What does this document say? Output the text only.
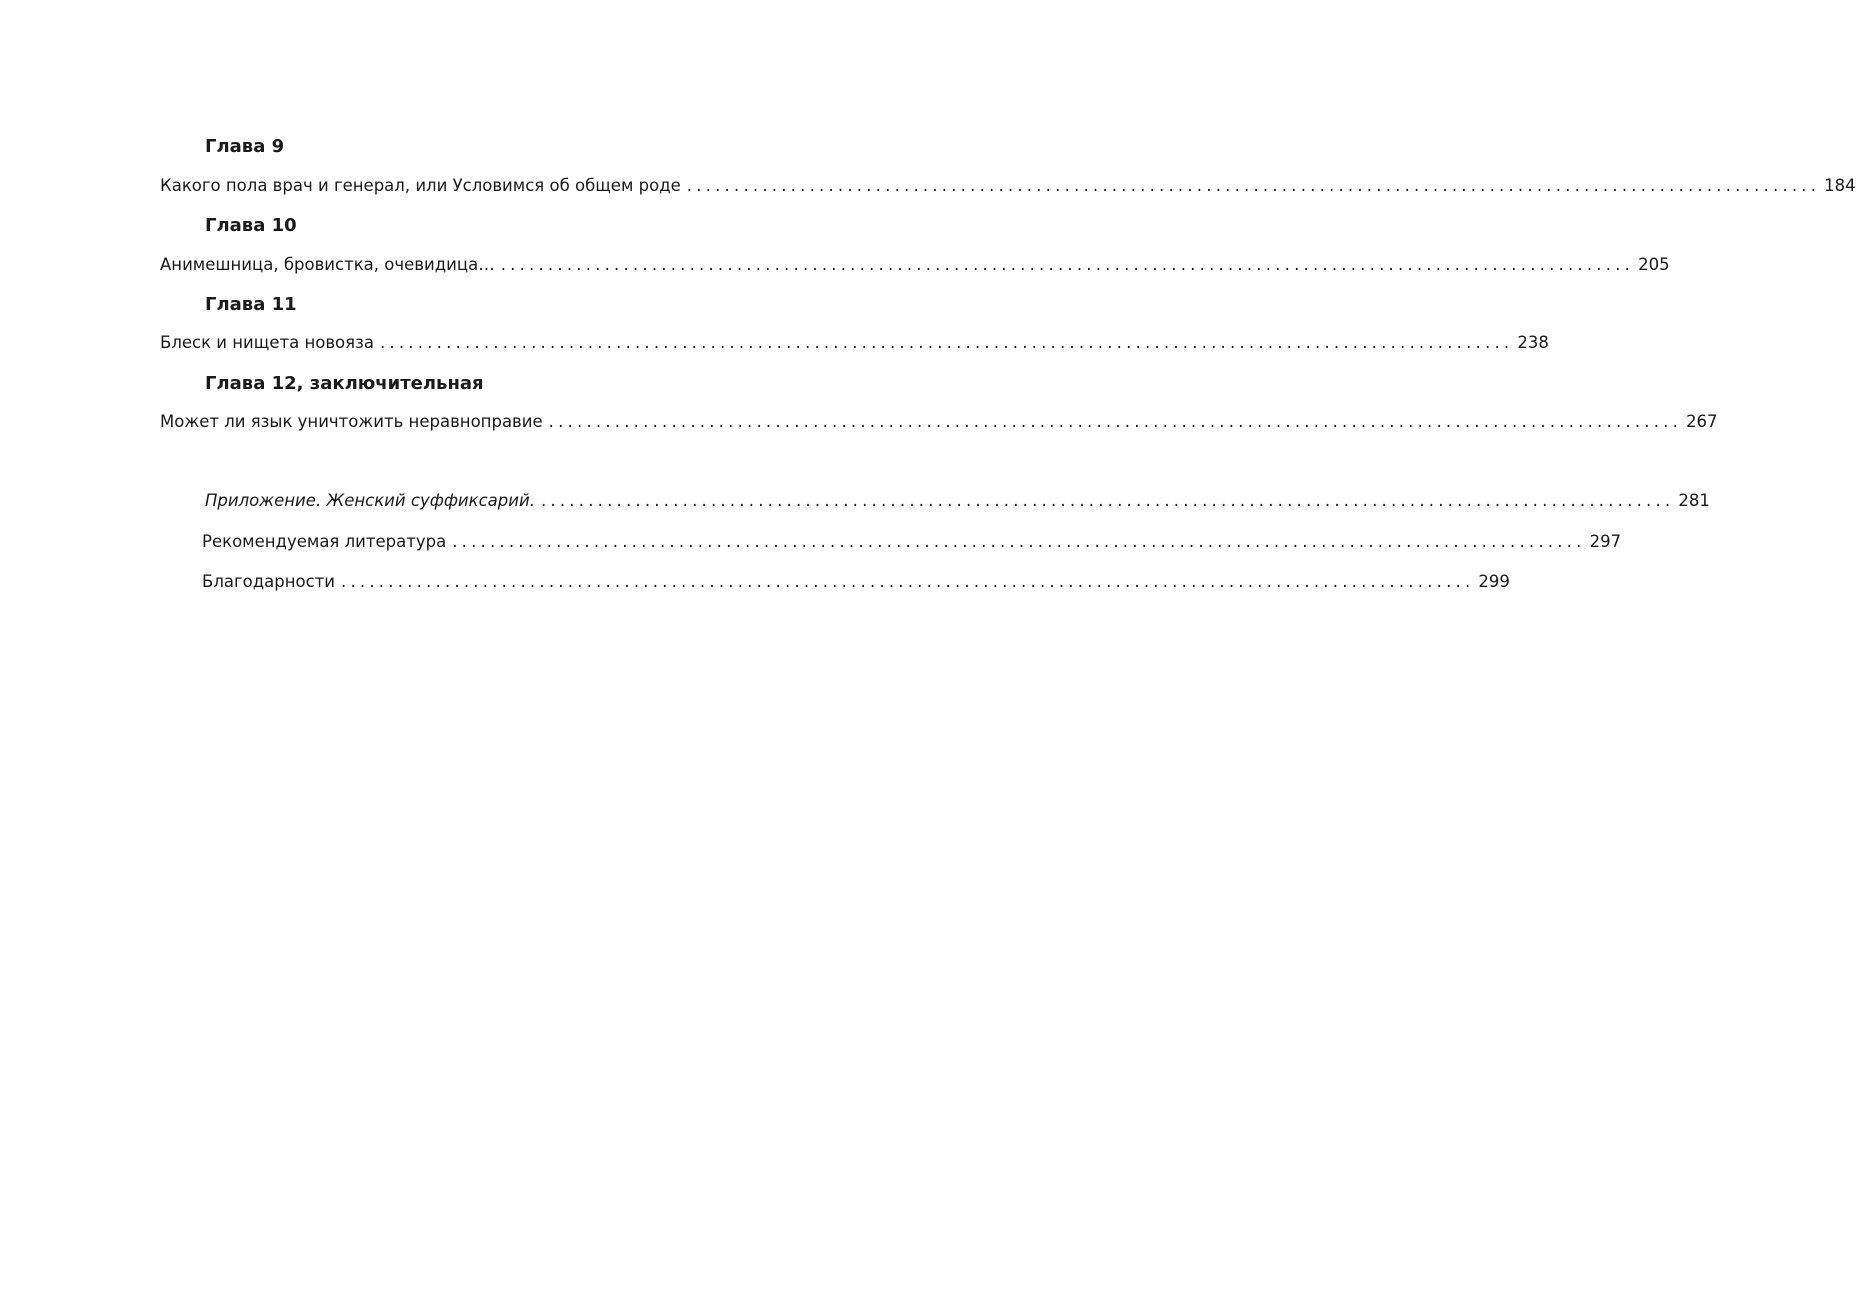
Глава 9
Какого пола врач и генерал, или Условимся об общем роде ........................................................................................................................ 184
Глава 10
Анимешница, бровистка, очевидица… ........................................................................................................................ 205
Глава 11
Блеск и нищета новояза ........................................................................................................................ 238
Глава 12, заключительная
Может ли язык уничтожить неравноправие ........................................................................................................................ 267
Приложение. Женский суффиксарий. ........................................................................................................................ 281
Рекомендуемая литература ........................................................................................................................ 297
Благодарности ........................................................................................................................ 299
